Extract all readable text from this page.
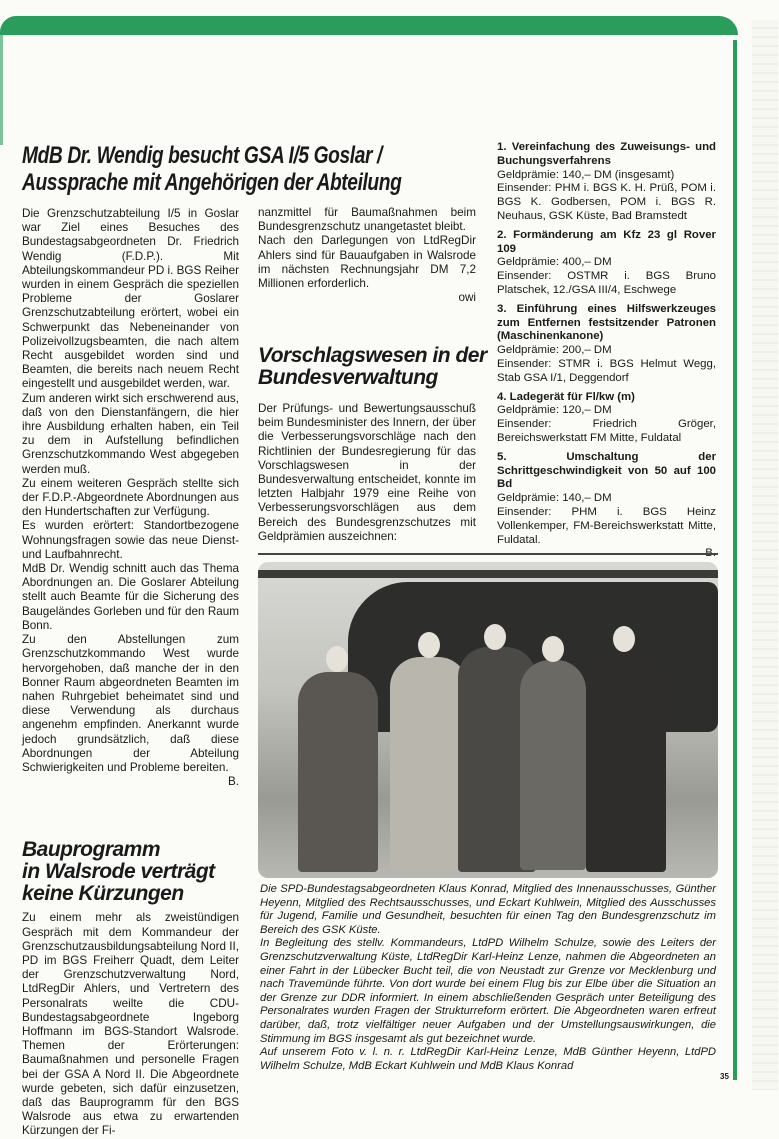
MdB Dr. Wendig besucht GSA I/5 Goslar / Aussprache mit Angehörigen der Abteilung

Die Grenzschutzabteilung I/5 in Goslar war Ziel eines Besuches des Bundestagsabgeordneten Dr. Friedrich Wendig (F.D.P.). Mit Abteilungskommandeur PD i. BGS Reiher wurden in einem Gespräch die speziellen Probleme der Goslarer Grenzschutzabteilung erörtert, wobei ein Schwerpunkt das Nebeneinander von Polizeivollzugsbeamten, die nach altem Recht ausgebildet worden sind und Beamten, die bereits nach neuem Recht eingestellt und ausgebildet werden, war.

Zum anderen wirkt sich erschwerend aus, daß von den Dienstanfängern, die hier ihre Ausbildung erhalten haben, ein Teil zu dem in Aufstellung befindlichen Grenzschutzkommando West abgegeben werden muß.

Zu einem weiteren Gespräch stellte sich der F.D.P.-Abgeordnete Abordnungen aus den Hundertschaften zur Verfügung.

Es wurden erörtert: Standortbezogene Wohnungsfragen sowie das neue Dienst- und Laufbahnrecht.

MdB Dr. Wendig schnitt auch das Thema Abordnungen an. Die Goslarer Abteilung stellt auch Beamte für die Sicherung des Baugeländes Gorleben und für den Raum Bonn.

Zu den Abstellungen zum Grenzschutzkommando West wurde hervorgehoben, daß manche der in den Bonner Raum abgeordneten Beamten im nahen Ruhrgebiet beheimatet sind und diese Verwendung als durchaus angenehm empfinden. Anerkannt wurde jedoch grundsätzlich, daß diese Abordnungen der Abteilung Schwierigkeiten und Probleme bereiten.

B.

Bauprogramm
in Walsrode verträgt
keine Kürzungen

Zu einem mehr als zweistündigen Gespräch mit dem Kommandeur der Grenzschutzausbildungsabteilung Nord II, PD im BGS Freiherr Quadt, dem Leiter der Grenzschutzverwaltung Nord, LtdRegDir Ahlers, und Vertretern des Personalrats weilte die CDU-Bundestagsabgeordnete Ingeborg Hoffmann im BGS-Standort Walsrode. Themen der Erörterungen: Baumaßnahmen und personelle Fragen bei der GSA A Nord II. Die Abgeordnete wurde gebeten, sich dafür einzusetzen, daß das Bauprogramm für den BGS Walsrode aus etwa zu erwartenden Kürzungen der Fi-

nanzmittel für Baumaßnahmen beim Bundesgrenzschutz unangetastet bleibt.

Nach den Darlegungen von LtdRegDir Ahlers sind für Bauaufgaben in Walsrode im nächsten Rechnungsjahr DM 7,2 Millionen erforderlich.

owi

Vorschlagswesen in der
Bundesverwaltung

Der Prüfungs- und Bewertungsausschuß beim Bundesminister des Innern, der über die Verbesserungsvorschläge nach den Richtlinien der Bundesregierung für das Vorschlagswesen in der Bundesverwaltung entscheidet, konnte im letzten Halbjahr 1979 eine Reihe von Verbesserungsvorschlägen aus dem Bereich des Bundesgrenzschutzes mit Geldprämien auszeichnen:

1. Vereinfachung des Zuweisungs- und Buchungsverfahrens

Geldprämie: 140,– DM (insgesamt)

Einsender: PHM i. BGS K. H. Prüß, POM i. BGS K. Godbersen, POM i. BGS R. Neuhaus, GSK Küste, Bad Bramstedt

2. Formänderung am Kfz 23 gl Rover 109

Geldprämie: 400,– DM

Einsender: OSTMR i. BGS Bruno Platschek, 12./GSA III/4, Eschwege

3. Einführung eines Hilfswerkzeuges zum Entfernen festsitzender Patronen (Maschinenkanone)

Geldprämie: 200,– DM

Einsender: STMR i. BGS Helmut Wegg, Stab GSA I/1, Deggendorf

4. Ladegerät für Fl/kw (m)

Geldprämie: 120,– DM

Einsender: Friedrich Gröger, Bereichswerkstatt FM Mitte, Fuldatal

5. Umschaltung der Schrittgeschwindigkeit von 50 auf 100 Bd

Geldprämie: 140,– DM

Einsender: PHM i. BGS Heinz Vollenkemper, FM-Bereichswerkstatt Mitte, Fuldatal.

Die SPD-Bundestagsabgeordneten Klaus Konrad, Mitglied des Innenausschusses, Günther Heyenn, Mitglied des Rechtsausschusses, und Eckart Kuhlwein, Mitglied des Ausschusses für Jugend, Familie und Gesundheit, besuchten für einen Tag den Bundesgrenzschutz im Bereich des GSK Küste.

In Begleitung des stellv. Kommandeurs, LtdPD Wilhelm Schulze, sowie des Leiters der Grenzschutzverwaltung Küste, LtdRegDir Karl-Heinz Lenze, nahmen die Abgeordneten an einer Fahrt in der Lübecker Bucht teil, die von Neustadt zur Grenze vor Mecklenburg und nach Travemünde führte. Von dort wurde bei einem Flug bis zur Elbe über die Situation an der Grenze zur DDR informiert. In einem abschließenden Gespräch unter Beteiligung des Personalrates wurden Fragen der Strukturreform erörtert. Die Abgeordneten waren erfreut darüber, daß, trotz vielfältiger neuer Aufgaben und der Umstellungsauswirkungen, die Stimmung im BGS insgesamt als gut bezeichnet wurde.

Auf unserem Foto v. l. n. r. LtdRegDir Karl-Heinz Lenze, MdB Günther Heyenn, LtdPD Wilhelm Schulze, MdB Eckart Kuhlwein und MdB Klaus Konrad

35
